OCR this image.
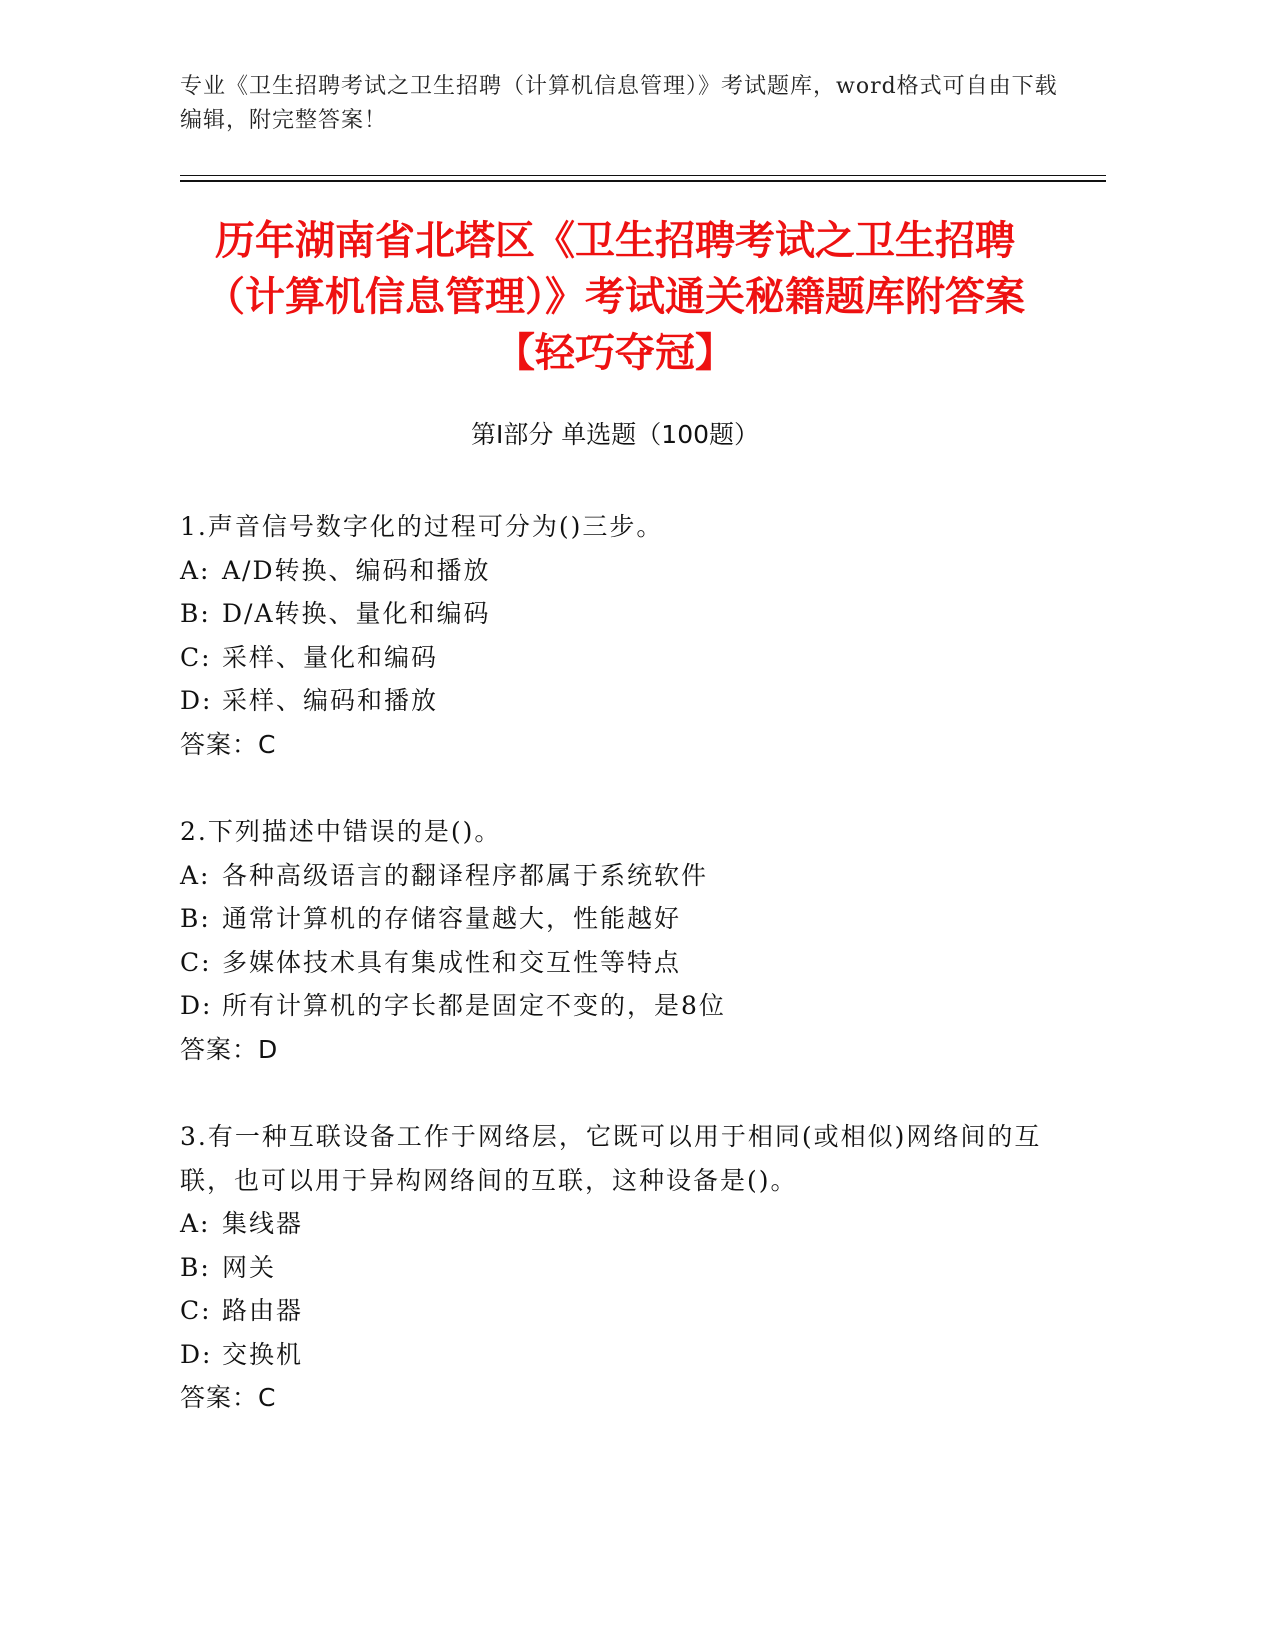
专业《卫生招聘考试之卫生招聘（计算机信息管理）》考试题库，word格式可自由下载编辑，附完整答案！
历年湖南省北塔区《卫生招聘考试之卫生招聘（计算机信息管理）》考试通关秘籍题库附答案【轻巧夺冠】
第I部分 单选题（100题）
1.声音信号数字化的过程可分为()三步。
A: A/D转换、编码和播放
B: D/A转换、量化和编码
C: 采样、量化和编码
D: 采样、编码和播放
答案：C
2.下列描述中错误的是()。
A: 各种高级语言的翻译程序都属于系统软件
B: 通常计算机的存储容量越大，性能越好
C: 多媒体技术具有集成性和交互性等特点
D: 所有计算机的字长都是固定不变的，是8位
答案：D
3.有一种互联设备工作于网络层，它既可以用于相同(或相似)网络间的互联，也可以用于异构网络间的互联，这种设备是()。
A: 集线器
B: 网关
C: 路由器
D: 交换机
答案：C
